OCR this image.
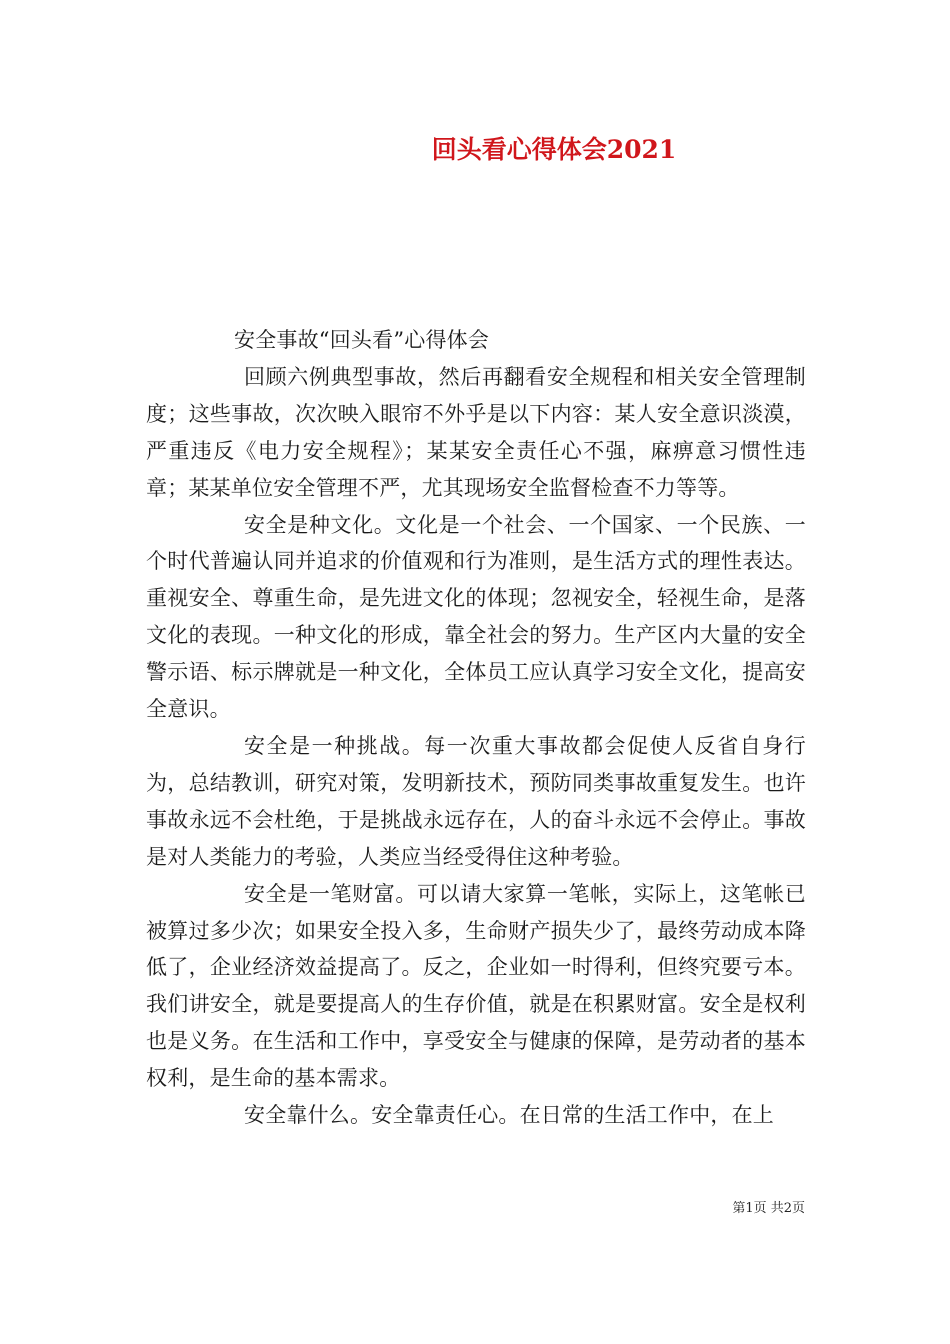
回头看心得体会2021

安全事故“回头看”心得体会

回顾六例典型事故，然后再翻看安全规程和相关安全管理制度；这些事故，次次映入眼帘不外乎是以下内容：某人安全意识淡漠，严重违反《电力安全规程》；某某安全责任心不强，麻痹意习惯性违章；某某单位安全管理不严，尤其现场安全监督检查不力等等。

安全是种文化。文化是一个社会、一个国家、一个民族、一个时代普遍认同并追求的价值观和行为准则，是生活方式的理性表达。重视安全、尊重生命，是先进文化的体现；忽视安全，轻视生命，是落文化的表现。一种文化的形成，靠全社会的努力。生产区内大量的安全警示语、标示牌就是一种文化，全体员工应认真学习安全文化，提高安全意识。

安全是一种挑战。每一次重大事故都会促使人反省自身行为，总结教训，研究对策，发明新技术，预防同类事故重复发生。也许事故永远不会杜绝，于是挑战永远存在，人的奋斗永远不会停止。事故是对人类能力的考验，人类应当经受得住这种考验。

安全是一笔财富。可以请大家算一笔帐，实际上，这笔帐已被算过多少次；如果安全投入多，生命财产损失少了，最终劳动成本降低了，企业经济效益提高了。反之，企业如一时得利，但终究要亏本。我们讲安全，就是要提高人的生存价值，就是在积累财富。安全是权利也是义务。在生活和工作中，享受安全与健康的保障，是劳动者的基本权利，是生命的基本需求。

安全靠什么。安全靠责任心。在日常的生活工作中，在上

第1页 共2页
